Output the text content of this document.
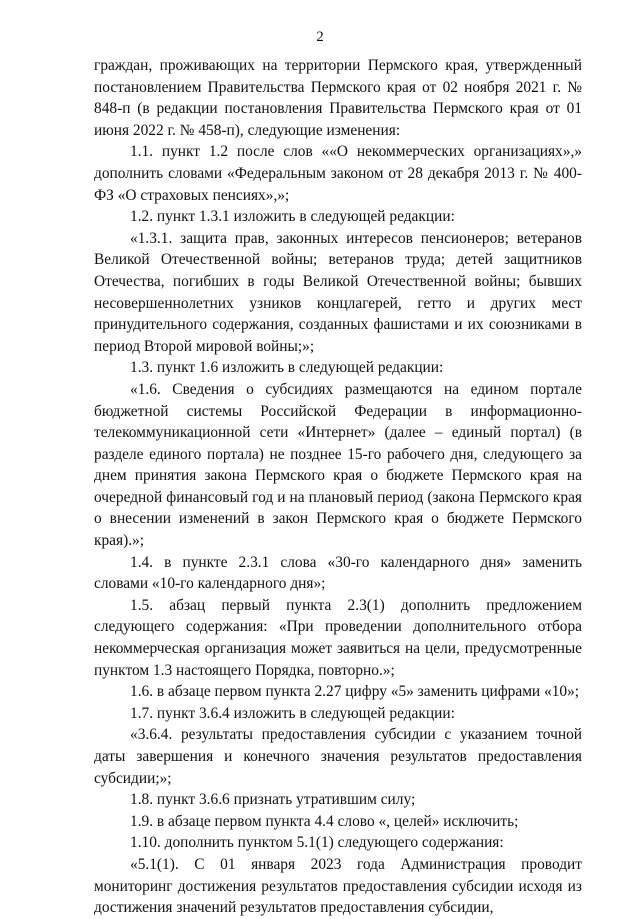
2

граждан, проживающих на территории Пермского края, утвержденный постановлением Правительства Пермского края от 02 ноября 2021 г. № 848-п (в редакции постановления Правительства Пермского края от 01 июня 2022 г. № 458-п), следующие изменения:

1.1. пункт 1.2 после слов ««О некоммерческих организациях»,» дополнить словами «Федеральным законом от 28 декабря 2013 г. № 400-ФЗ «О страховых пенсиях»,»;

1.2. пункт 1.3.1 изложить в следующей редакции:

«1.3.1. защита прав, законных интересов пенсионеров; ветеранов Великой Отечественной войны; ветеранов труда; детей защитников Отечества, погибших в годы Великой Отечественной войны; бывших несовершеннолетних узников концлагерей, гетто и других мест принудительного содержания, созданных фашистами и их союзниками в период Второй мировой войны;»;

1.3. пункт 1.6 изложить в следующей редакции:

«1.6. Сведения о субсидиях размещаются на едином портале бюджетной системы Российской Федерации в информационно-телекоммуникационной сети «Интернет» (далее – единый портал) (в разделе единого портала) не позднее 15-го рабочего дня, следующего за днем принятия закона Пермского края о бюджете Пермского края на очередной финансовый год и на плановый период (закона Пермского края о внесении изменений в закон Пермского края о бюджете Пермского края).»;

1.4. в пункте 2.3.1 слова «30-го календарного дня» заменить словами «10-го календарного дня»;

1.5. абзац первый пункта 2.3(1) дополнить предложением следующего содержания: «При проведении дополнительного отбора некоммерческая организация может заявиться на цели, предусмотренные пунктом 1.3 настоящего Порядка, повторно.»;

1.6. в абзаце первом пункта 2.27 цифру «5» заменить цифрами «10»;

1.7. пункт 3.6.4 изложить в следующей редакции:

«3.6.4. результаты предоставления субсидии с указанием точной даты завершения и конечного значения результатов предоставления субсидии;»;

1.8. пункт 3.6.6 признать утратившим силу;

1.9. в абзаце первом пункта 4.4 слово «, целей» исключить;

1.10. дополнить пунктом 5.1(1) следующего содержания:

«5.1(1). С 01 января 2023 года Администрация проводит мониторинг достижения результатов предоставления субсидии исходя из достижения значений результатов предоставления субсидии,
